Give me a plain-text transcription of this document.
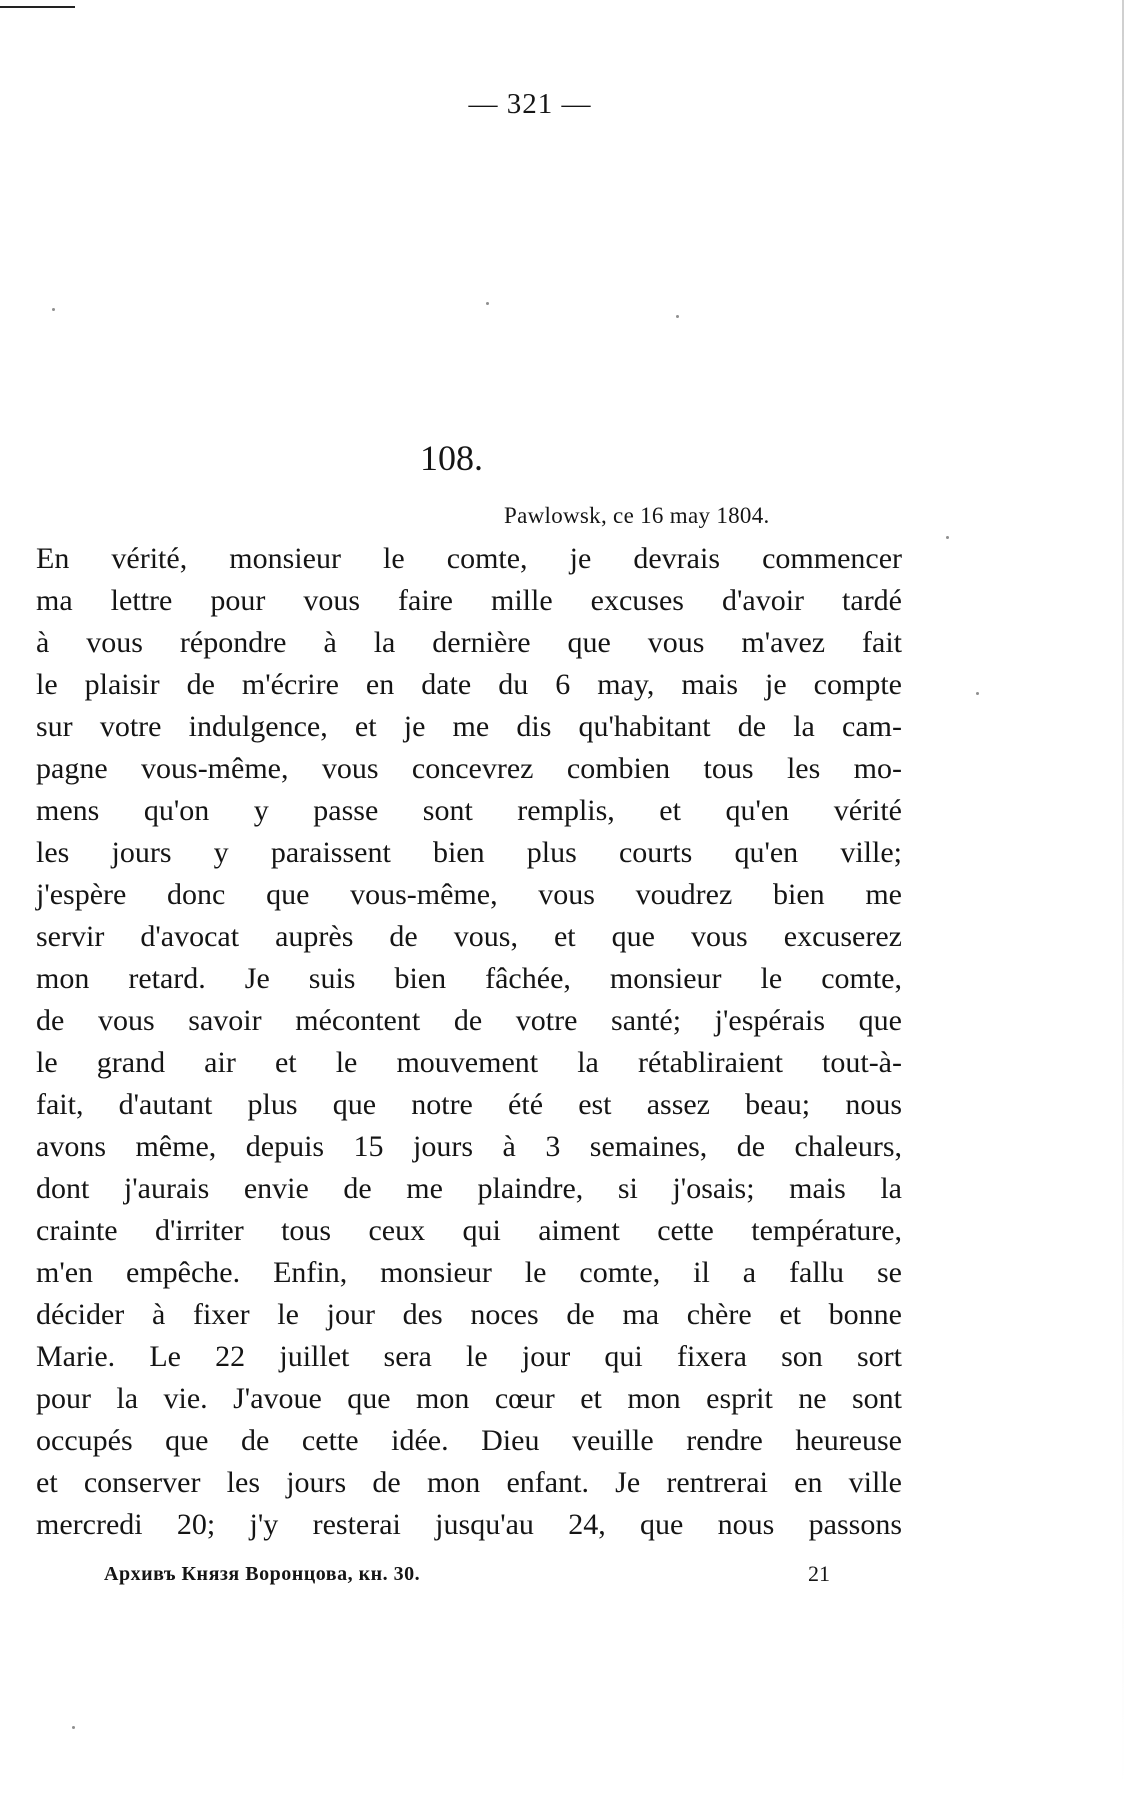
— 321 —
108.
Pawlowsk, ce 16 may 1804.
En vérité, monsieur le comte, je devrais commencer
ma lettre pour vous faire mille excuses d'avoir tardé
à vous répondre à la dernière que vous m'avez fait
le plaisir de m'écrire en date du 6 may, mais je compte
sur votre indulgence, et je me dis qu'habitant de la cam-
pagne vous-même, vous concevrez combien tous les mo-
mens qu'on y passe sont remplis, et qu'en vérité
les jours y paraissent bien plus courts qu'en ville;
j'espère donc que vous-même, vous voudrez bien me
servir d'avocat auprès de vous, et que vous excuserez
mon retard. Je suis bien fâchée, monsieur le comte,
de vous savoir mécontent de votre santé; j'espérais que
le grand air et le mouvement la rétabliraient tout-à-
fait, d'autant plus que notre été est assez beau; nous
avons même, depuis 15 jours à 3 semaines, de chaleurs,
dont j'aurais envie de me plaindre, si j'osais; mais la
crainte d'irriter tous ceux qui aiment cette température,
m'en empêche. Enfin, monsieur le comte, il a fallu se
décider à fixer le jour des noces de ma chère et bonne
Marie. Le 22 juillet sera le jour qui fixera son sort
pour la vie. J'avoue que mon cœur et mon esprit ne sont
occupés que de cette idée. Dieu veuille rendre heureuse
et conserver les jours de mon enfant. Je rentrerai en ville
mercredi 20; j'y resterai jusqu'au 24, que nous passons
Архивъ Князя Воронцова, кн. 30.	21
